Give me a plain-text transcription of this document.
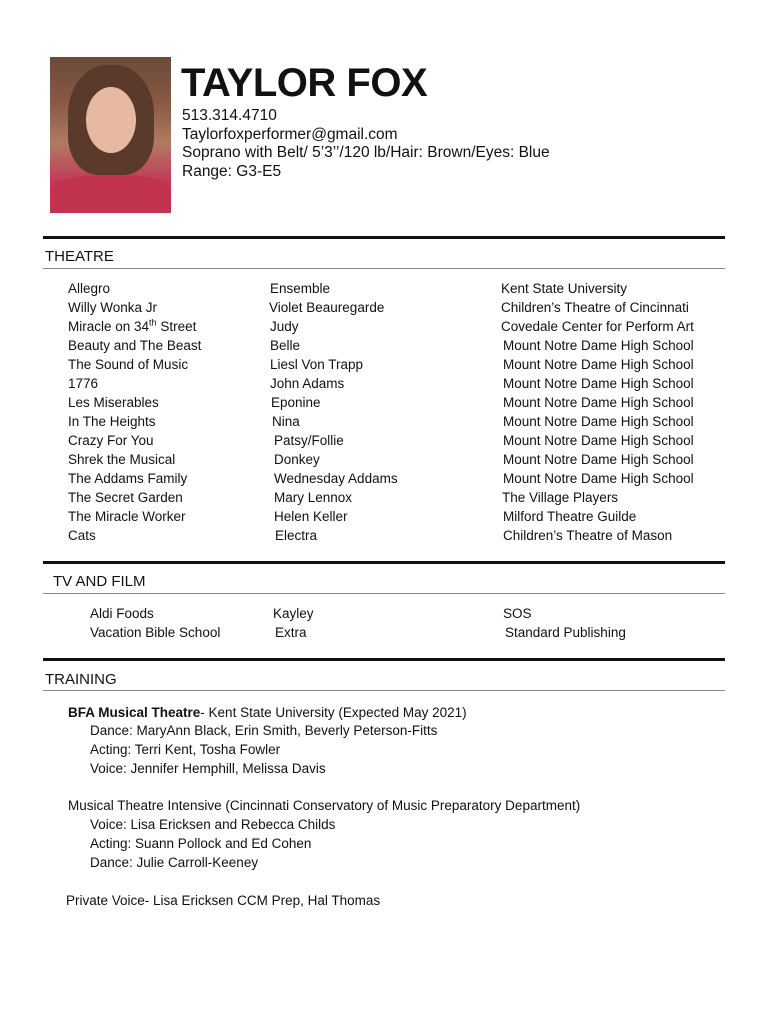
TAYLOR FOX
513.314.4710
Taylorfoxperformer@gmail.com
Soprano with Belt/ 5’3’’/120 lb/Hair: Brown/Eyes: Blue
Range: G3-E5
THEATRE
Allegro	Ensemble	Kent State University
Willy Wonka Jr	Violet Beauregarde	Children’s Theatre of Cincinnati
Miracle on 34th Street	Judy	Covedale Center for Perform Art
Beauty and The Beast	Belle	Mount Notre Dame High School
The Sound of Music	Liesl Von Trapp	Mount Notre Dame High School
1776	John Adams	Mount Notre Dame High School
Les Miserables	Eponine	Mount Notre Dame High School
In The Heights	Nina	Mount Notre Dame High School
Crazy For You	Patsy/Follie	Mount Notre Dame High School
Shrek the Musical	Donkey	Mount Notre Dame High School
The Addams Family	Wednesday Addams	Mount Notre Dame High School
The Secret Garden	Mary Lennox	The Village Players
The Miracle Worker	Helen Keller	Milford Theatre Guilde
Cats	Electra	Children’s Theatre of Mason
TV AND FILM
Aldi Foods	Kayley	SOS
Vacation Bible School	Extra	Standard Publishing
TRAINING
BFA Musical Theatre- Kent State University (Expected May 2021)
Dance: MaryAnn Black, Erin Smith, Beverly Peterson-Fitts
Acting: Terri Kent, Tosha Fowler
Voice: Jennifer Hemphill, Melissa Davis
Musical Theatre Intensive (Cincinnati Conservatory of Music Preparatory Department)
Voice: Lisa Ericksen and Rebecca Childs
Acting: Suann Pollock and Ed Cohen
Dance: Julie Carroll-Keeney
Private Voice- Lisa Ericksen CCM Prep, Hal Thomas
